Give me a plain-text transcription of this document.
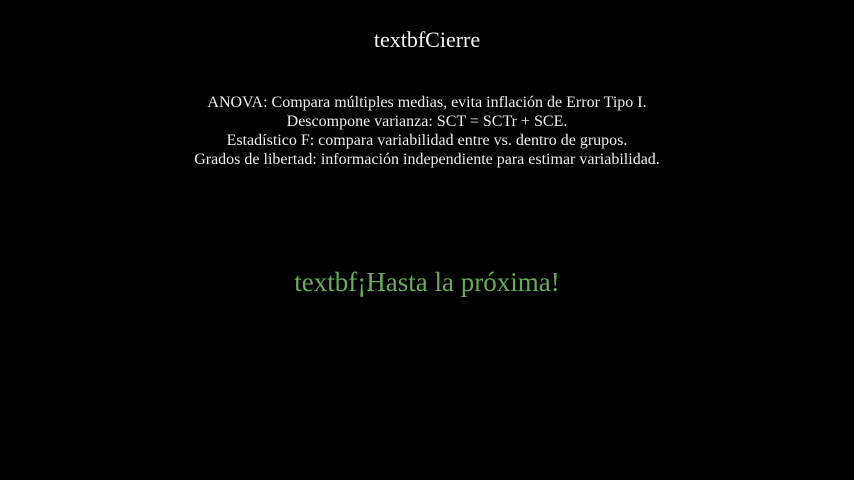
textbfCierre
ANOVA: Compara múltiples medias, evita inflación de Error Tipo I.
Descompone varianza: SCT = SCTr + SCE.
Estadístico F: compara variabilidad entre vs. dentro de grupos.
Grados de libertad: información independiente para estimar variabilidad.
textbf¡Hasta la próxima!
